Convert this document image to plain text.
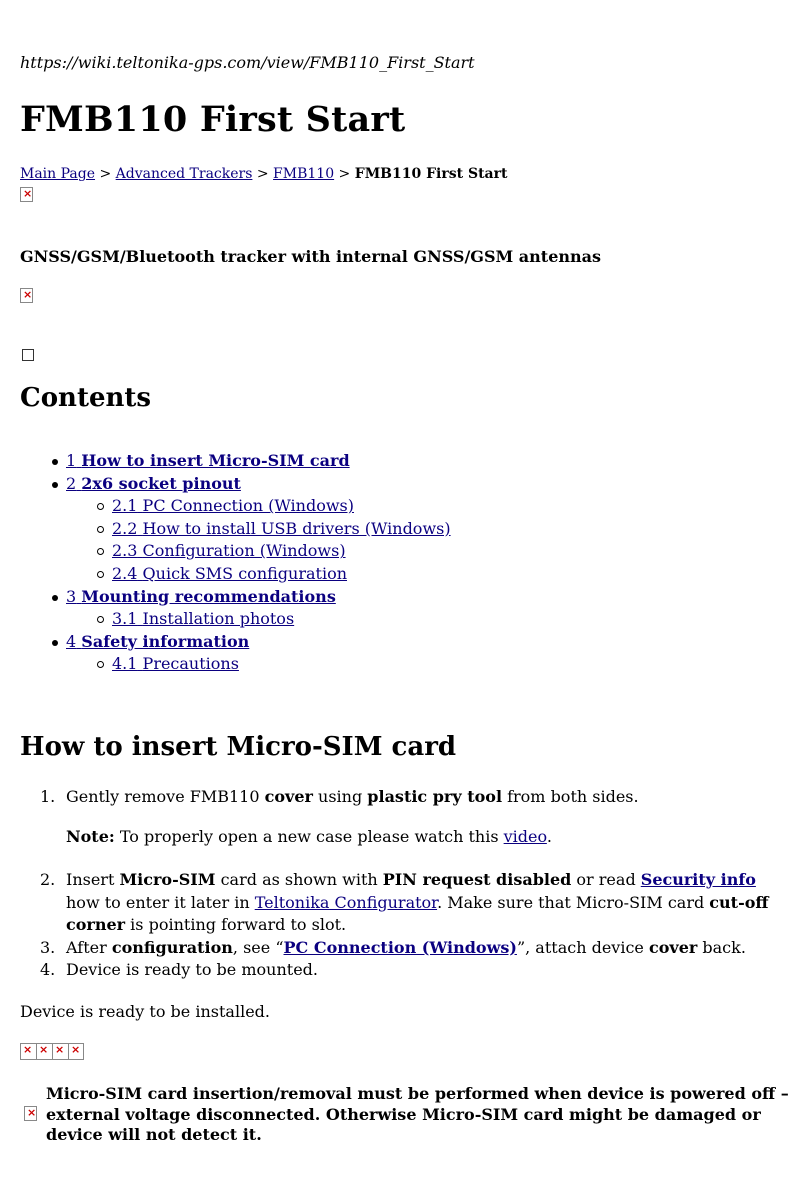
https://wiki.teltonika-gps.com/view/FMB110_First_Start
FMB110 First Start
Main Page > Advanced Trackers > FMB110 > FMB110 First Start
×
GNSS/GSM/Bluetooth tracker with internal GNSS/GSM antennas
×
Contents
1 How to insert Micro-SIM card
2 2x6 socket pinout
2.1 PC Connection (Windows)
2.2 How to install USB drivers (Windows)
2.3 Configuration (Windows)
2.4 Quick SMS configuration
3 Mounting recommendations
3.1 Installation photos
4 Safety information
4.1 Precautions
How to insert Micro-SIM card
1. Gently remove FMB110 cover using plastic pry tool from both sides.
Note: To properly open a new case please watch this video.
2. Insert Micro-SIM card as shown with PIN request disabled or read Security info how to enter it later in Teltonika Configurator. Make sure that Micro-SIM card cut-off corner is pointing forward to slot.
3. After configuration, see “PC Connection (Windows)”, attach device cover back.
4. Device is ready to be mounted.
Device is ready to be installed.
×
×
×
×
×
Micro-SIM card insertion/removal must be performed when device is powered off – external voltage disconnected. Otherwise Micro-SIM card might be damaged or device will not detect it.
